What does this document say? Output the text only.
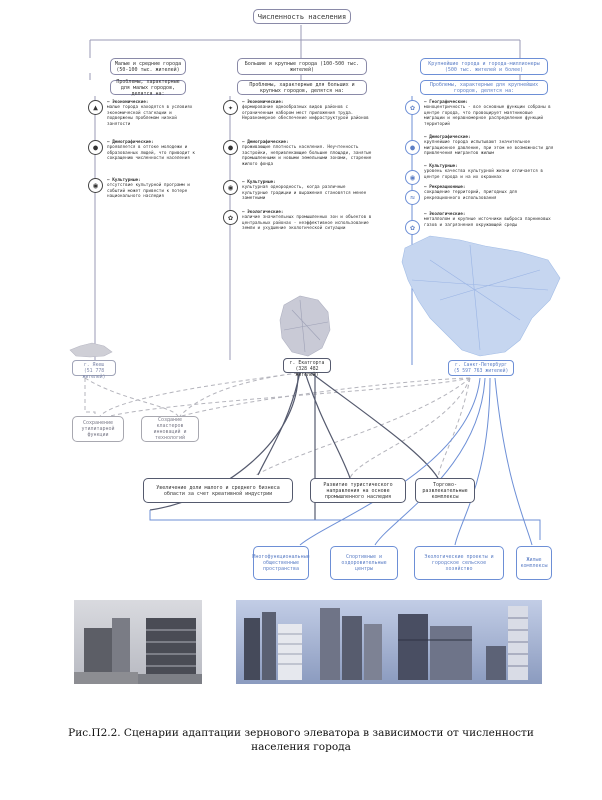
Численность населения
Малые и средние города (50-100 тыс. жителей)
Проблемы, характерные для малых городов, делятся на:
▲
– Экономические:
малые города находятся в условиях экономической стагнации и подвержены проблемам низкой занятости
●
– Демографические:
проявляется в оттоке молодежи и образованных людей, что приводит к сокращению численности населения
◉
– Культурные:
отсутствие культурной программ и событий может привести к потере национального наследия
Большие и крупные города (100-500 тыс. жителей)
Проблемы, характерные для больших и крупных городов, делятся на:
✦
– Экономические:
формирование однообразных видов районов с ограниченным набором мест приложения труда. Неравномерное обеспечение инфраструктурой районов
●
– Демографические:
проживающие плотность населения. Неучтенность застройки, непривлекающие большие площади, занятые промышленными и новыми земельными зонами, старение жилого фонда
◉
– Культурные:
культурная однородность, когда различные культурные традиции и выражения становятся менее заметными
✿
– Экологические:
наличие значительных промышленных зон и объектов в центральных районах - неэффективное использование земли и ухудшение экологической ситуации
Крупнейшие города и города-миллионеры (500 тыс. жителей и более)
Проблемы, характерные для крупнейших городов, делятся на:
✿
– Географические:
моноцентричность - все основные функции собраны в центре города, что провоцирует маятниковые миграции и неравномерное распределение функций территорий
●
– Демографические:
крупнейшие города испытывают значительное миграционное давление, при этом не возможности для привлечения мигрантов жилым
◉
– Культурные:
уровень качества культурной жизни отличается в центре города и на их окраинах
≈
– Рекреационные:
сокращение территорий, пригодных для рекреационного использования
✿
– Экологические:
металлолом и крупные источники выброса парниковых газов и загрязнения окружающей среды
г. Якеш
(51 778 жителей)
г. Екатгорта
(328 482 жителей)
г. Санкт-Петербург
(5 597 763 жителей)
Сохранение утилитарной функции
Создание кластеров инноваций и технологий
Увеличение доли малого и среднего бизнеса области за счет креативной индустрии
Развитие туристического направления на основе промышленного наследия
Торгово-развлекательные комплексы
Многофункциональные общественные пространства
Спортивные и оздоровительные центры
Экологические проекты и городское сельское хозяйство
Жилые комплексы
Рис.П2.2. Сценарии адаптации зернового элеватора в зависимости от численности
населения города
